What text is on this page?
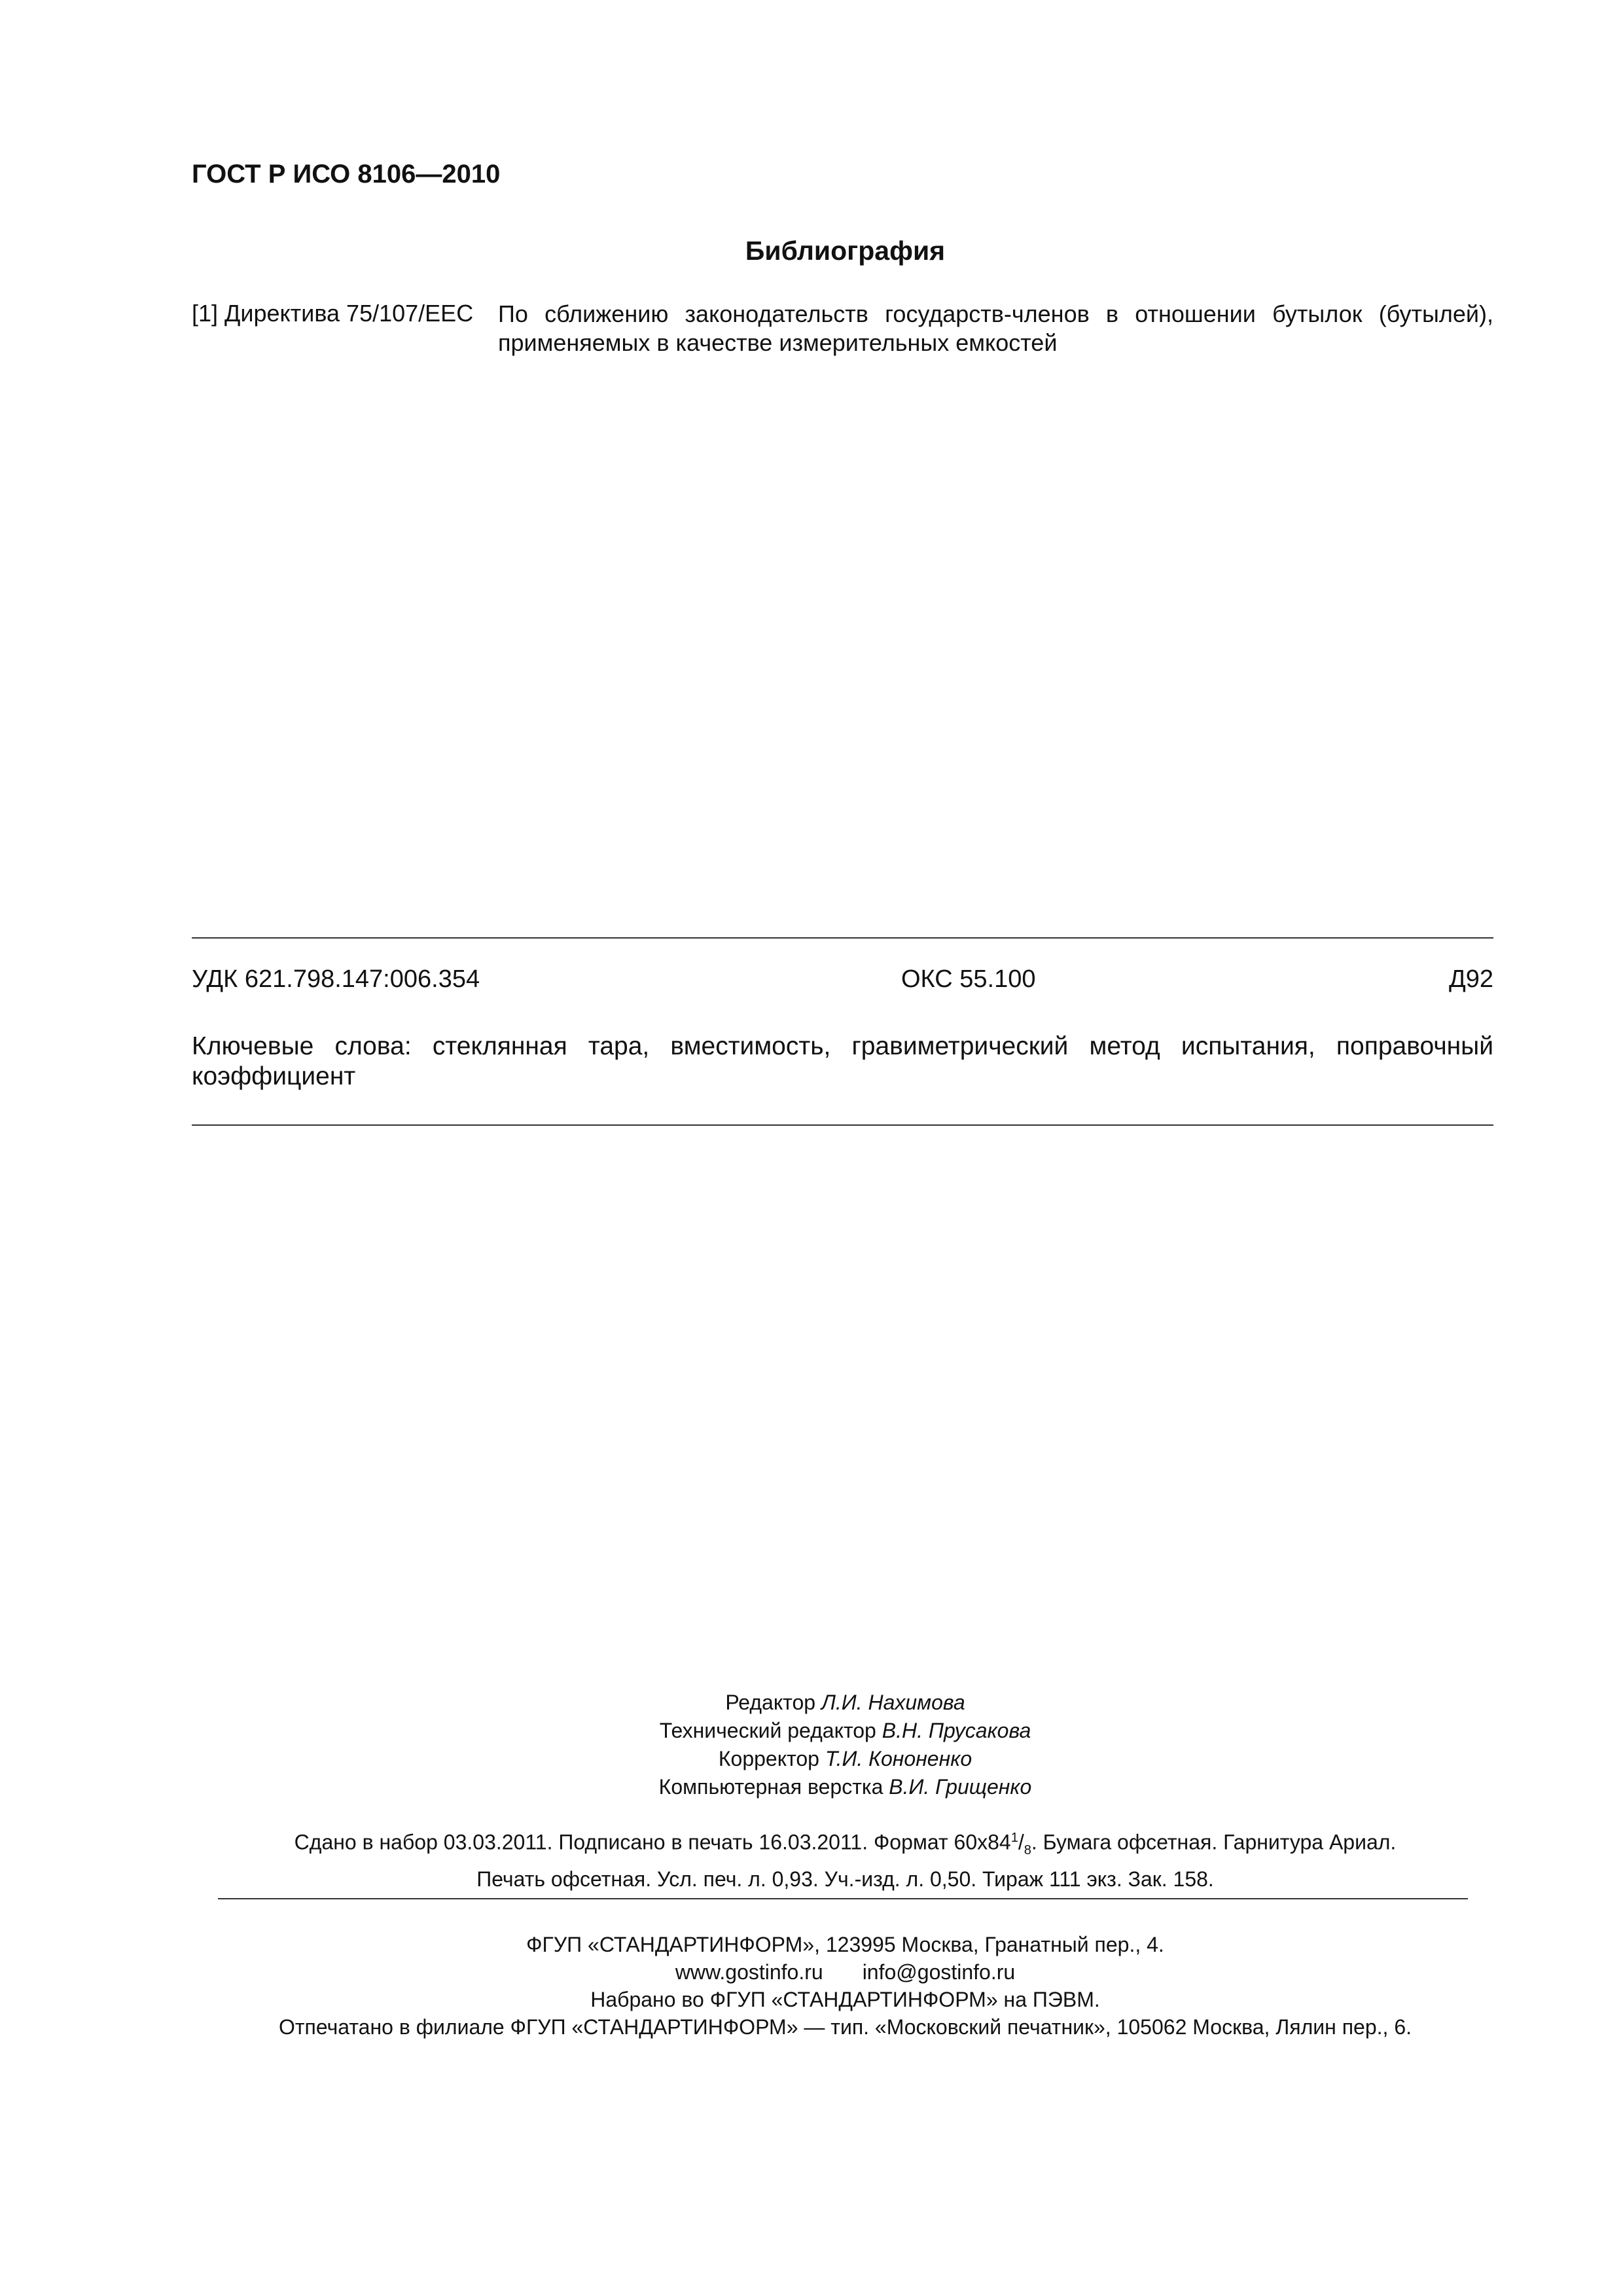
ГОСТ Р ИСО 8106—2010
Библиография
[1] Директива 75/107/EEC По сближению законодательств государств-членов в отношении бутылок (бутылей), применяемых в качестве измерительных емкостей
УДК 621.798.147:006.354	ОКС 55.100	Д92
Ключевые слова: стеклянная тара, вместимость, гравиметрический метод испытания, поправочный коэффициент
Редактор Л.И. Нахимова
Технический редактор В.Н. Прусакова
Корректор Т.И. Кононенко
Компьютерная верстка В.И. Грищенко
Сдано в набор 03.03.2011. Подписано в печать 16.03.2011. Формат $60х84^1/_8$. Бумага офсетная. Гарнитура Ариал.
Печать офсетная. Усл. печ. л. 0,93. Уч.-изд. л. 0,50. Тираж 111 экз. Зак. 158.
ФГУП «СТАНДАРТИНФОРМ», 123995 Москва, Гранатный пер., 4.
www.gostinfo.ru info@gostinfo.ru
Набрано во ФГУП «СТАНДАРТИНФОРМ» на ПЭВМ.
Отпечатано в филиале ФГУП «СТАНДАРТИНФОРМ» — тип. «Московский печатник», 105062 Москва, Лялин пер., 6.
